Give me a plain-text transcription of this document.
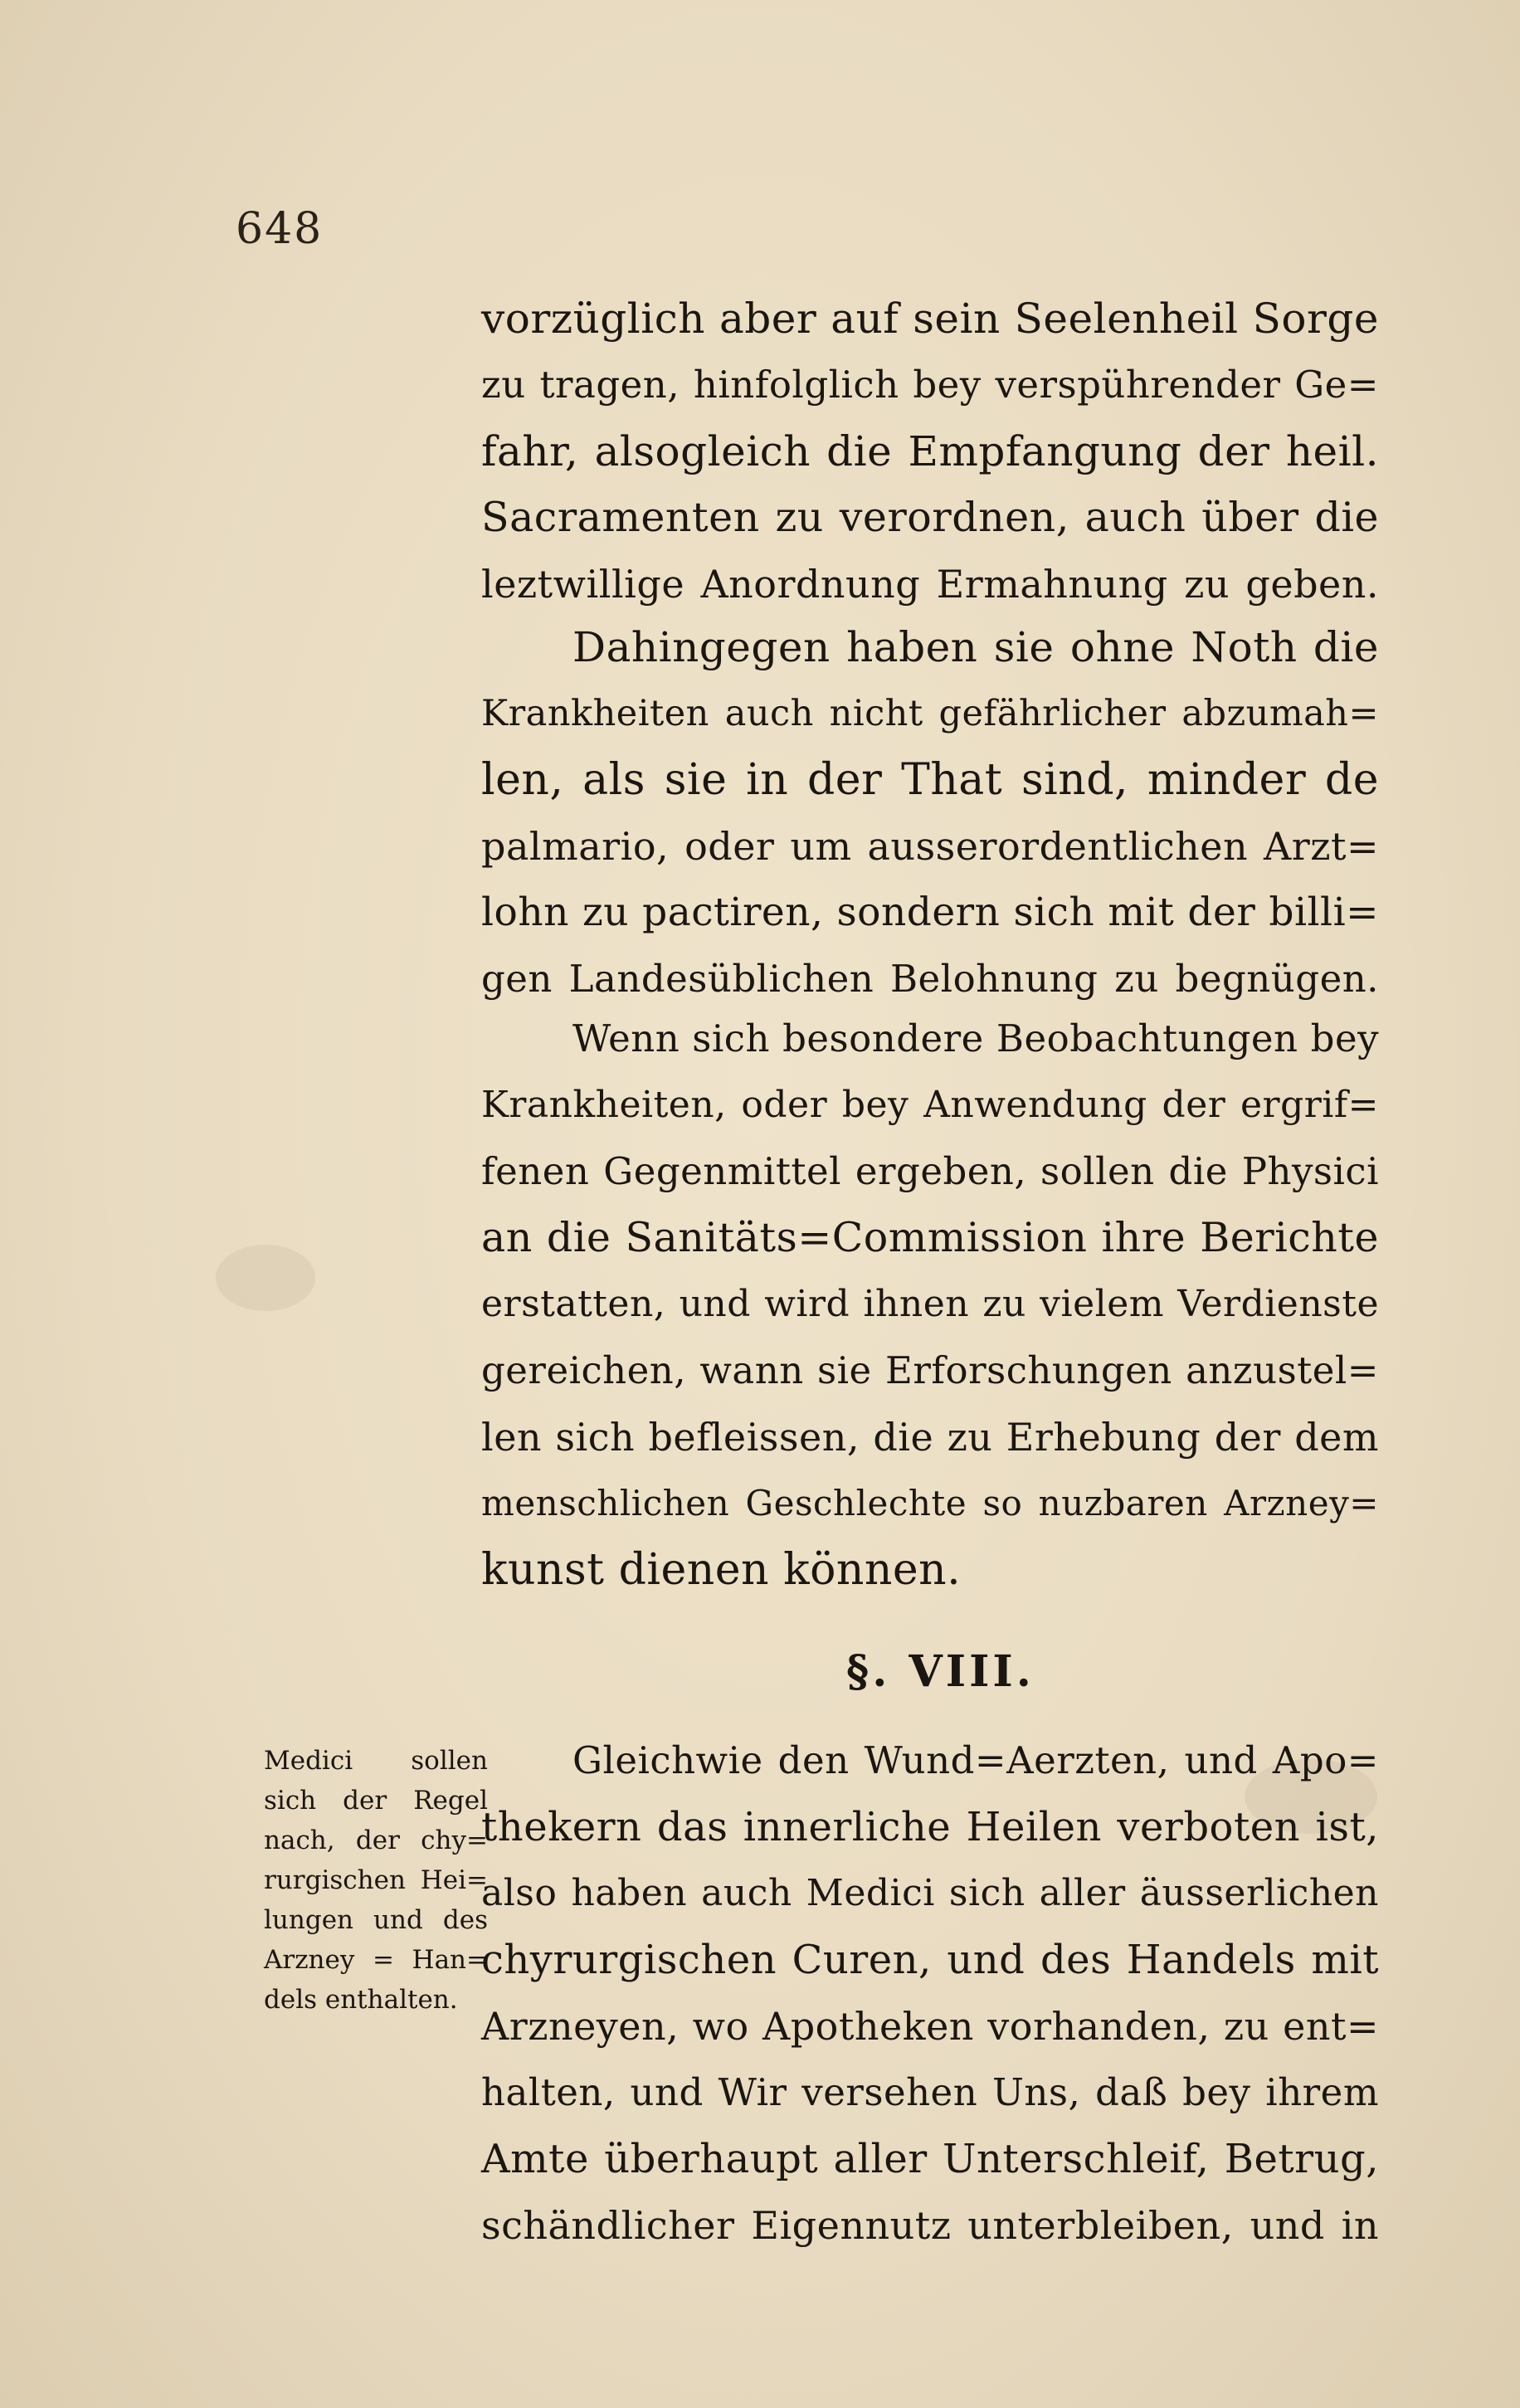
648
vorzüglich aber auf sein Seelenheil Sorge
zu tragen, hinfolglich bey verspührender Ge=
fahr, alsogleich die Empfangung der heil.
Sacramenten zu verordnen, auch über die
leztwillige Anordnung Ermahnung zu geben.
Dahingegen haben sie ohne Noth die
Krankheiten auch nicht gefährlicher abzumah=
len, als sie in der That sind, minder de
palmario, oder um ausserordentlichen Arzt=
lohn zu pactiren, sondern sich mit der billi=
gen Landesüblichen Belohnung zu begnügen.
Wenn sich besondere Beobachtungen bey
Krankheiten, oder bey Anwendung der ergrif=
fenen Gegenmittel ergeben, sollen die Physici
an die Sanitäts=Commission ihre Berichte
erstatten, und wird ihnen zu vielem Verdienste
gereichen, wann sie Erforschungen anzustel=
len sich befleissen, die zu Erhebung der dem
menschlichen Geschlechte so nuzbaren Arzney=
kunst dienen können.
§. VIII.
Medici sollen
sich der Regel
nach, der chy=
rurgischen Hei=
lungen und des
Arzney = Han=
dels enthalten.
Gleichwie den Wund=Aerzten, und Apo=
thekern das innerliche Heilen verboten ist,
also haben auch Medici sich aller äusserlichen
chyrurgischen Curen, und des Handels mit
Arzneyen, wo Apotheken vorhanden, zu ent=
halten, und Wir versehen Uns, daß bey ihrem
Amte überhaupt aller Unterschleif, Betrug,
schändlicher Eigennutz unterbleiben, und in
